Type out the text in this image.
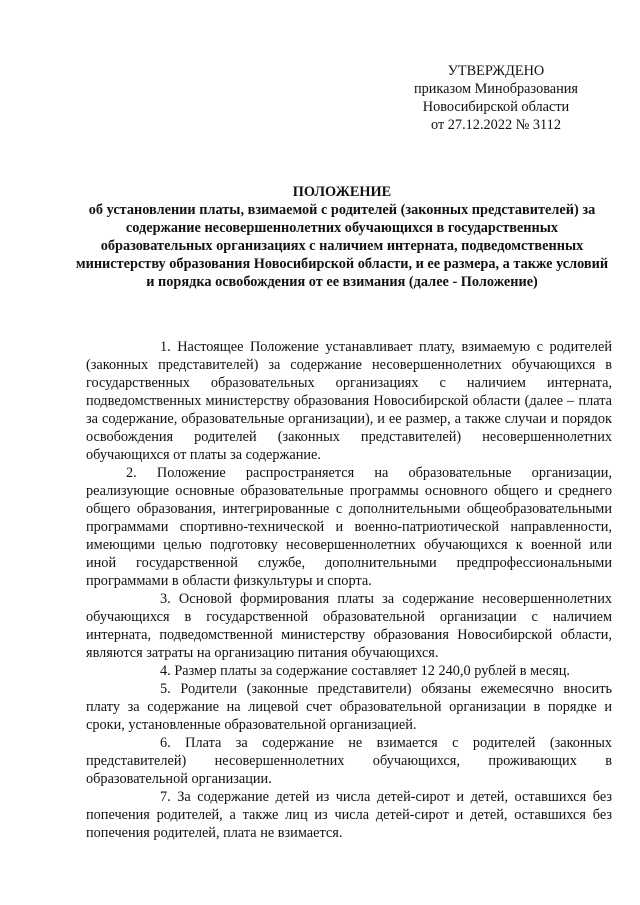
УТВЕРЖДЕНО
приказом Минобразования
Новосибирской области
от 27.12.2022 № 3112
ПОЛОЖЕНИЕ
об установлении платы, взимаемой с родителей (законных представителей) за содержание несовершеннолетних обучающихся в государственных образовательных организациях с наличием интерната, подведомственных министерству образования Новосибирской области, и ее размера, а также условий и порядка освобождения от ее взимания (далее - Положение)

1. Настоящее Положение устанавливает плату, взимаемую с родителей (законных представителей) за содержание несовершеннолетних обучающихся в государственных образовательных организациях с наличием интерната, подведомственных министерству образования Новосибирской области (далее – плата за содержание, образовательные организации), и ее размер, а также случаи и порядок освобождения родителей (законных представителей) несовершеннолетних обучающихся от платы за содержание.

2. Положение распространяется на образовательные организации, реализующие основные образовательные программы основного общего и среднего общего образования, интегрированные с дополнительными общеобразовательными программами спортивно-технической и военно-патриотической направленности, имеющими целью подготовку несовершеннолетних обучающихся к военной или иной государственной службе, дополнительными предпрофессиональными программами в области физкультуры и спорта.

3. Основой формирования платы за содержание несовершеннолетних обучающихся в государственной образовательной организации с наличием интерната, подведомственной министерству образования Новосибирской области, являются затраты на организацию питания обучающихся.

4. Размер платы за содержание составляет 12 240,0 рублей в месяц.

5. Родители (законные представители) обязаны ежемесячно вносить плату за содержание на лицевой счет образовательной организации в порядке и сроки, установленные образовательной организацией.

6. Плата за содержание не взимается с родителей (законных представителей) несовершеннолетних обучающихся, проживающих в образовательной организации.

7. За содержание детей из числа детей-сирот и детей, оставшихся без попечения родителей, а также лиц из числа детей-сирот и детей, оставшихся без попечения родителей, плата не взимается.
